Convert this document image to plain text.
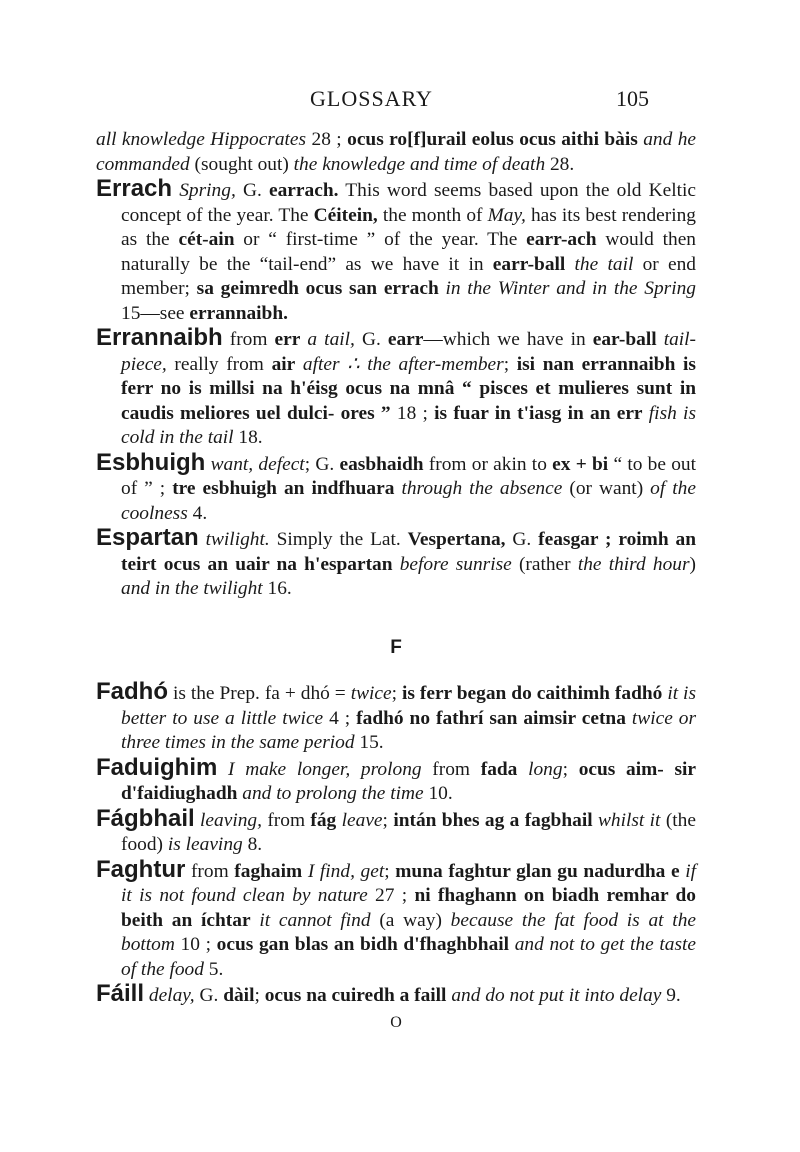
GLOSSARY	105

all knowledge Hippocrates 28 ; ocus ro[f]urail eolus ocus aithi bàis and he commanded (sought out) the knowledge and time of death 28.

Errach Spring, G. earrach. This word seems based upon the old Keltic concept of the year. The Céitein, the month of May, has its best rendering as the cét-ain or “ first-time ” of the year. The earr-ach would then naturally be the “tail-end” as we have it in earr-ball the tail or end member; sa geimredh ocus san errach in the Winter and in the Spring 15—see errannaibh.

Errannaibh from err a tail, G. earr—which we have in ear-ball tail-piece, really from air after ∴ the after-member; isi nan errannaibh is ferr no is millsi na h'éisg ocus na mnâ “ pisces et mulieres sunt in caudis meliores uel dulci- ores ” 18 ; is fuar in t'iasg in an err fish is cold in the tail 18.

Esbhuigh want, defect; G. easbhaidh from or akin to ex + bi “ to be out of ” ; tre esbhuigh an indfhuara through the absence (or want) of the coolness 4.

Espartan twilight. Simply the Lat. Vespertana, G. feasgar ; roimh an teirt ocus an uair na h'espartan before sunrise (rather the third hour) and in the twilight 16.

F

Fadhó is the Prep. fa + dhó = twice; is ferr began do caithimh fadhó it is better to use a little twice 4 ; fadhó no fathrí san aimsir cetna twice or three times in the same period 15.

Faduighim I make longer, prolong from fada long; ocus aim- sir d'faidiughadh and to prolong the time 10.

Fágbhail leaving, from fág leave; intán bhes ag a fagbhail whilst it (the food) is leaving 8.

Faghtur from faghaim I find, get; muna faghtur glan gu nadurdha e if it is not found clean by nature 27 ; ni fhaghann on biadh remhar do beith an íchtar it cannot find (a way) because the fat food is at the bottom 10 ; ocus gan blas an bidh d'fhaghbhail and not to get the taste of the food 5.

Fáill delay, G. dàil; ocus na cuiredh a faill and do not put it into delay 9.

O
